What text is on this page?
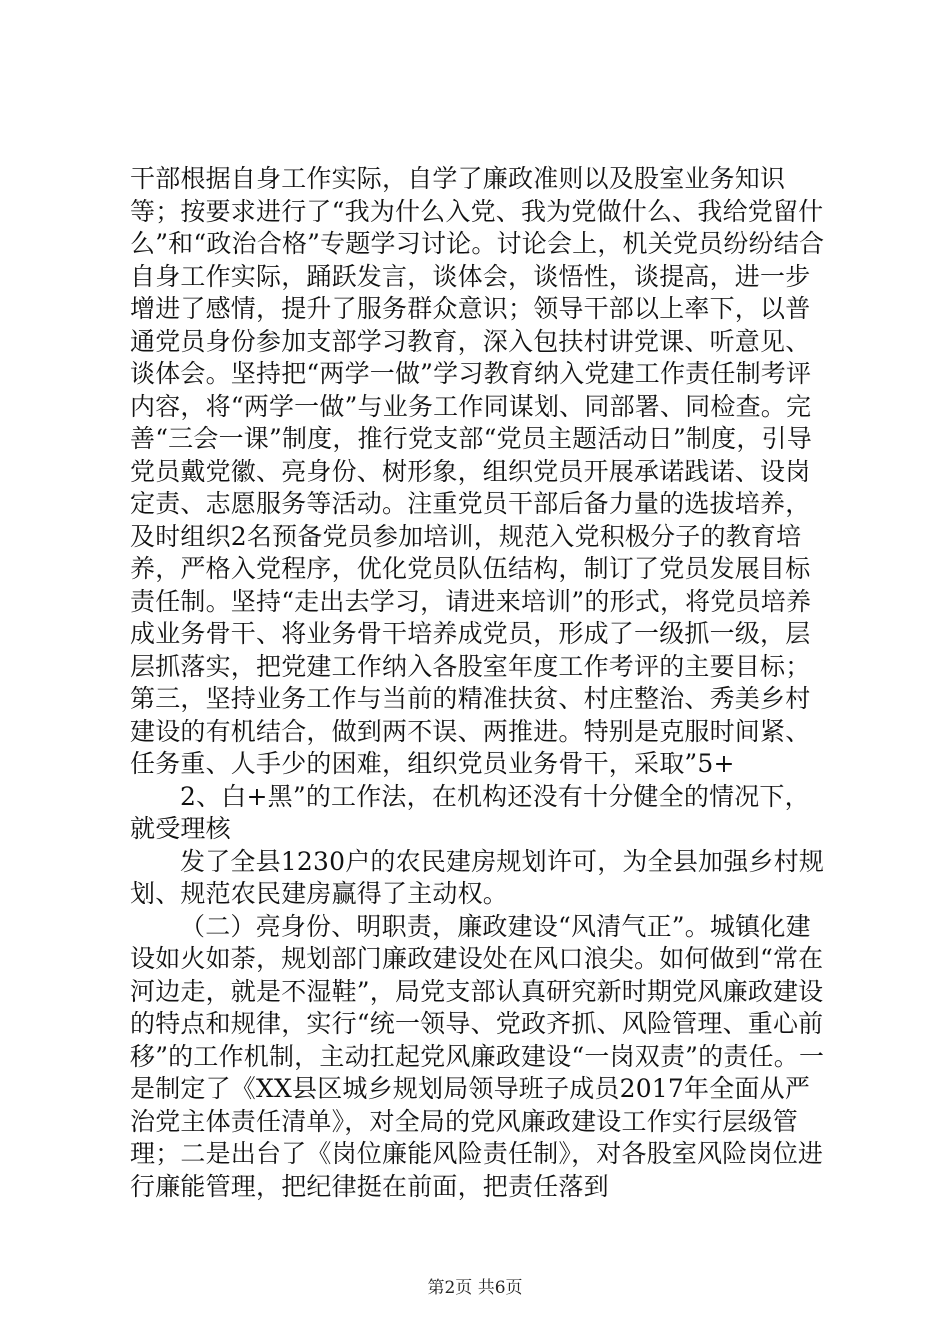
干部根据自身工作实际，自学了廉政准则以及股室业务知识等；按要求进行了“我为什么入党、我为党做什么、我给党留什么”和“政治合格”专题学习讨论。讨论会上，机关党员纷纷结合自身工作实际，踊跃发言，谈体会，谈悟性，谈提高，进一步增进了感情，提升了服务群众意识；领导干部以上率下，以普通党员身份参加支部学习教育，深入包扶村讲党课、听意见、谈体会。坚持把“两学一做”学习教育纳入党建工作责任制考评内容，将“两学一做”与业务工作同谋划、同部署、同检查。完善“三会一课”制度，推行党支部“党员主题活动日”制度，引导党员戴党徽、亮身份、树形象，组织党员开展承诺践诺、设岗定责、志愿服务等活动。注重党员干部后备力量的选拔培养，及时组织2名预备党员参加培训，规范入党积极分子的教育培养，严格入党程序，优化党员队伍结构，制订了党员发展目标责任制。坚持“走出去学习，请进来培训”的形式，将党员培养成业务骨干、将业务骨干培养成党员，形成了一级抓一级，层层抓落实，把党建工作纳入各股室年度工作考评的主要目标；第三，坚持业务工作与当前的精准扶贫、村庄整治、秀美乡村建设的有机结合，做到两不误、两推进。特别是克服时间紧、任务重、人手少的困难，组织党员业务骨干，采取”5+

2、白+黑”的工作法，在机构还没有十分健全的情况下，就受理核

发了全县1230户的农民建房规划许可，为全县加强乡村规划、规范农民建房赢得了主动权。

（二）亮身份、明职责，廉政建设“风清气正”。城镇化建设如火如荼，规划部门廉政建设处在风口浪尖。如何做到“常在河边走，就是不湿鞋”，局党支部认真研究新时期党风廉政建设的特点和规律，实行“统一领导、党政齐抓、风险管理、重心前移”的工作机制，主动扛起党风廉政建设“一岗双责”的责任。一是制定了《XX县区城乡规划局领导班子成员2017年全面从严治党主体责任清单》，对全局的党风廉政建设工作实行层级管理；二是出台了《岗位廉能风险责任制》，对各股室风险岗位进行廉能管理，把纪律挺在前面，把责任落到

第2页 共6页
